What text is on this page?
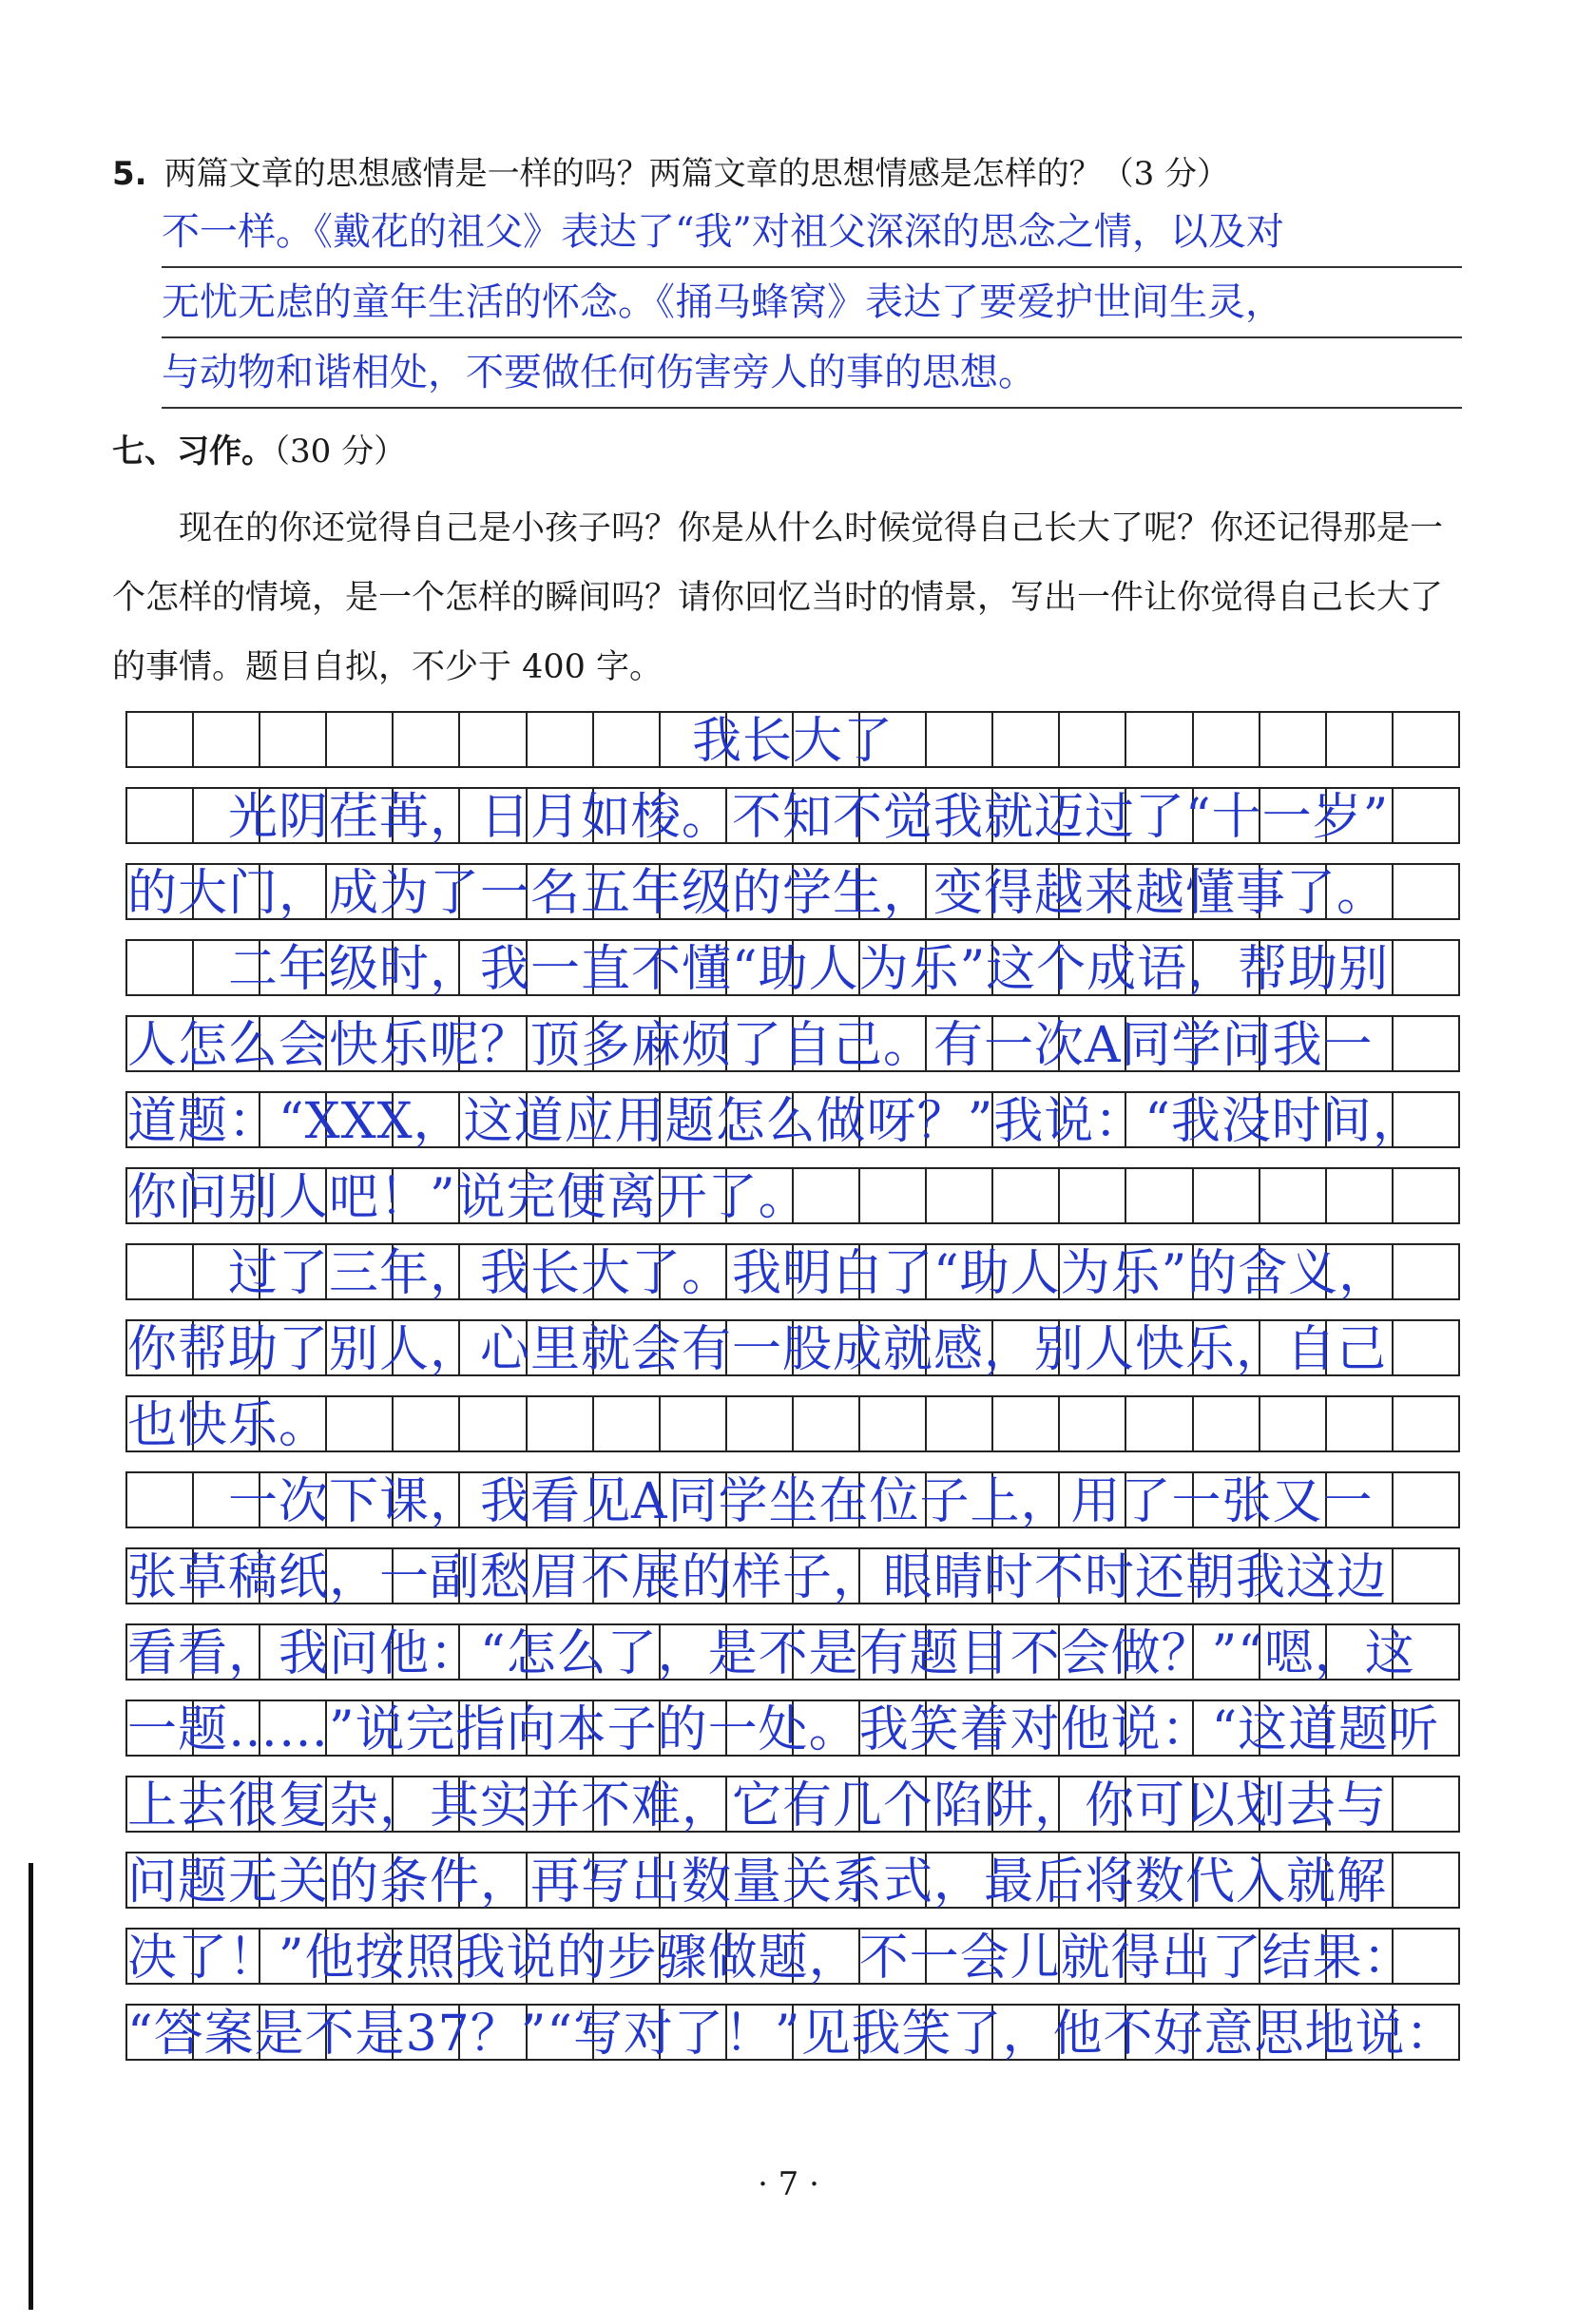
5. 两篇文章的思想感情是一样的吗？两篇文章的思想情感是怎样的？（3 分）
不一样。《戴花的祖父》表达了“我”对祖父深深的思念之情，以及对
无忧无虑的童年生活的怀念。《捅马蜂窝》表达了要爱护世间生灵，
与动物和谐相处，不要做任何伤害旁人的事的思想。
七、习作。（30 分）

现在的你还觉得自己是小孩子吗？你是从什么时候觉得自己长大了呢？你还记得那是一个怎样的情境，是一个怎样的瞬间吗？请你回忆当时的情景，写出一件让你觉得自己长大了的事情。题目自拟，不少于 400 字。

我长大了
　　光阴荏苒，日月如梭。不知不觉我就迈过了“十一岁”
的大门，成为了一名五年级的学生，变得越来越懂事了。
　　二年级时，我一直不懂“助人为乐”这个成语，帮助别
人怎么会快乐呢？顶多麻烦了自己。有一次A同学问我一
道题：“XXX，这道应用题怎么做呀？”我说：“我没时间，
你问别人吧！”说完便离开了。
　　过了三年，我长大了。我明白了“助人为乐”的含义，
你帮助了别人，心里就会有一股成就感，别人快乐，自己
也快乐。
　　一次下课，我看见A同学坐在位子上，用了一张又一
张草稿纸，一副愁眉不展的样子，眼睛时不时还朝我这边
看看，我问他：“怎么了，是不是有题目不会做？”“嗯，这
一题……”说完指向本子的一处。我笑着对他说：“这道题听
上去很复杂，其实并不难，它有几个陷阱，你可以划去与
问题无关的条件，再写出数量关系式，最后将数代入就解
决了！”他按照我说的步骤做题，不一会儿就得出了结果：
“答案是不是37？”“写对了！”见我笑了，他不好意思地说：
· 7 ·
